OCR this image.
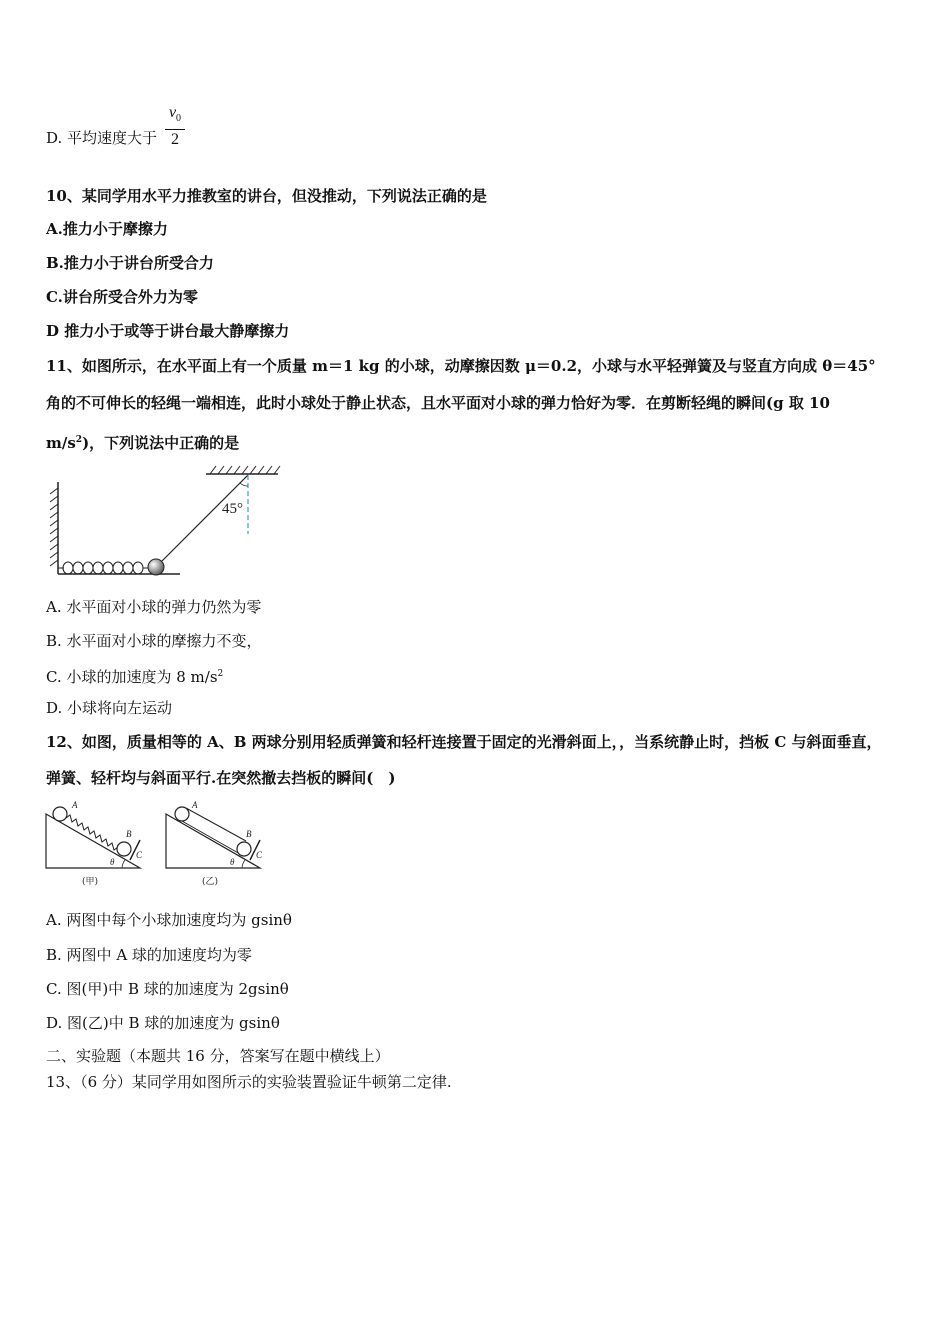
D. 平均速度大于
$v_0$
2
10、某同学用水平力推教室的讲台，但没推动，下列说法正确的是
A.推力小于摩擦力
B.推力小于讲台所受合力
C.讲台所受合外力为零
D 推力小于或等于讲台最大静摩擦力
11、如图所示，在水平面上有一个质量 m＝1 kg 的小球，动摩擦因数 μ＝0.2，小球与水平轻弹簧及与竖直方向成 θ＝45°
角的不可伸长的轻绳一端相连，此时小球处于静止状态，且水平面对小球的弹力恰好为零．在剪断轻绳的瞬间(g 取 10
$m/s^2$)，下列说法中正确的是
45°
A. 水平面对小球的弹力仍然为零
B. 水平面对小球的摩擦力不变，
C. 小球的加速度为 8 $m/s^2$
D. 小球将向左运动
12、如图，质量相等的 A、B 两球分别用轻质弹簧和轻杆连接置于固定的光滑斜面上，，当系统静止时，挡板 C 与斜面垂直，
弹簧、轻杆均与斜面平行.在突然撤去挡板的瞬间(　)
A
B
C
θ
(甲)
A
B
C
θ
(乙)
A. 两图中每个小球加速度均为 gsinθ
B. 两图中 A 球的加速度均为零
C. 图(甲)中 B 球的加速度为 2gsinθ
D. 图(乙)中 B 球的加速度为 gsinθ
二、实验题（本题共 16 分，答案写在题中横线上）
13、（6 分）某同学用如图所示的实验装置验证牛顿第二定律.
